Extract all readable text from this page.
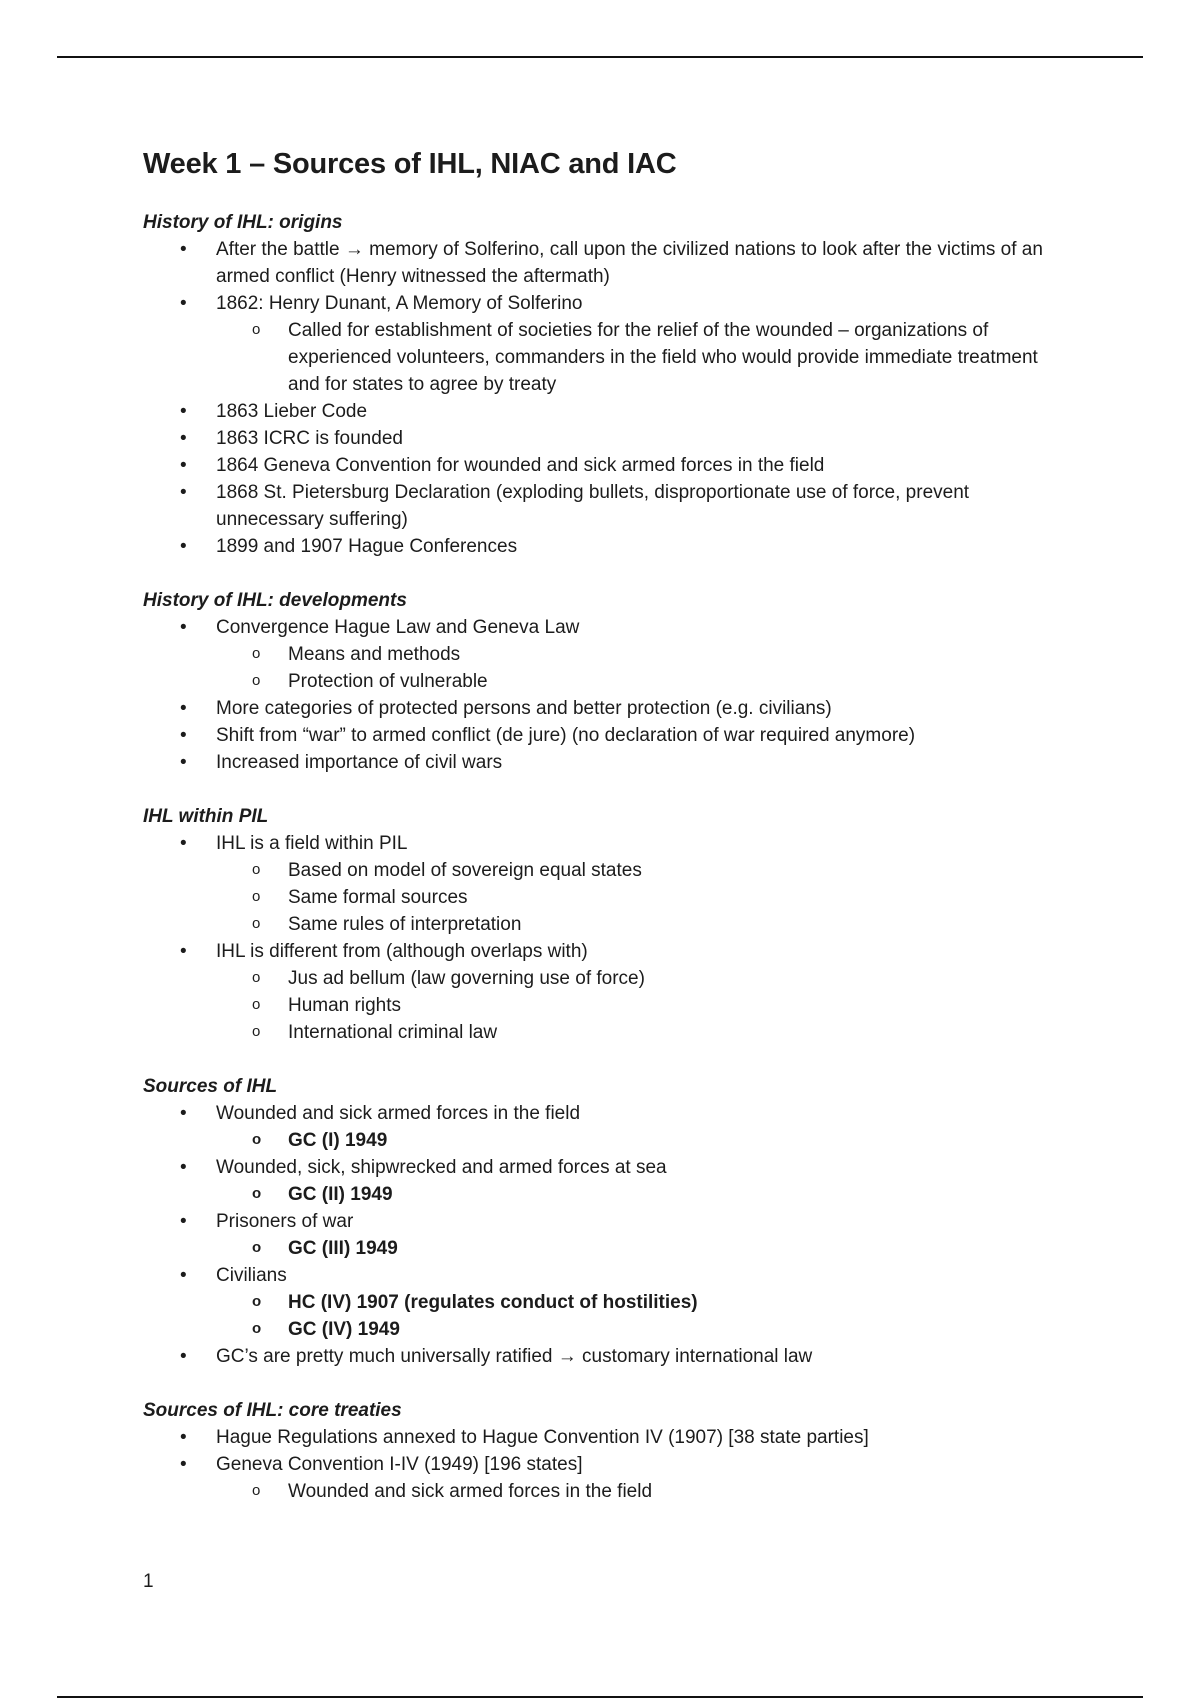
Week 1 – Sources of IHL, NIAC and IAC
History of IHL: origins
• After the battle → memory of Solferino, call upon the civilized nations to look after the victims of an armed conflict (Henry witnessed the aftermath)
• 1862: Henry Dunant, A Memory of Solferino
o Called for establishment of societies for the relief of the wounded – organizations of experienced volunteers, commanders in the field who would provide immediate treatment and for states to agree by treaty
• 1863 Lieber Code
• 1863 ICRC is founded
• 1864 Geneva Convention for wounded and sick armed forces in the field
• 1868 St. Pietersburg Declaration (exploding bullets, disproportionate use of force, prevent unnecessary suffering)
• 1899 and 1907 Hague Conferences
History of IHL: developments
• Convergence Hague Law and Geneva Law
o Means and methods
o Protection of vulnerable
• More categories of protected persons and better protection (e.g. civilians)
• Shift from “war” to armed conflict (de jure) (no declaration of war required anymore)
• Increased importance of civil wars
IHL within PIL
• IHL is a field within PIL
o Based on model of sovereign equal states
o Same formal sources
o Same rules of interpretation
• IHL is different from (although overlaps with)
o Jus ad bellum (law governing use of force)
o Human rights
o International criminal law
Sources of IHL
• Wounded and sick armed forces in the field
o GC (I) 1949
• Wounded, sick, shipwrecked and armed forces at sea
o GC (II) 1949
• Prisoners of war
o GC (III) 1949
• Civilians
o HC (IV) 1907 (regulates conduct of hostilities)
o GC (IV) 1949
• GC’s are pretty much universally ratified → customary international law
Sources of IHL: core treaties
• Hague Regulations annexed to Hague Convention IV (1907) [38 state parties]
• Geneva Convention I-IV (1949) [196 states]
o Wounded and sick armed forces in the field
1
